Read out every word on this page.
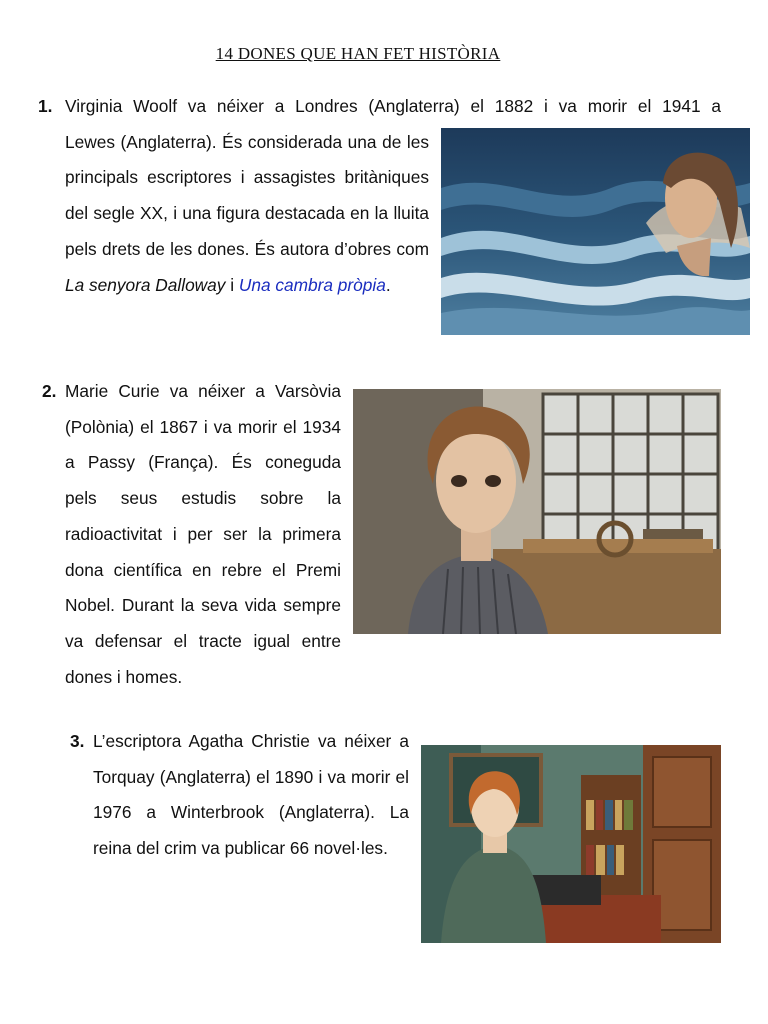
14 DONES QUE HAN FET HISTÒRIA
1. Virginia Woolf va néixer a Londres (Anglaterra) el 1882 i va morir el 1941 a
Lewes (Anglaterra). És considerada una de les principals escriptores i assagistes britàniques del segle XX, i una figura destacada en la lluita pels drets de les dones. És autora d’obres com La senyora Dalloway i Una cambra pròpia.
2. Marie Curie va néixer a Varsòvia (Polònia) el 1867 i va morir el 1934 a Passy (França). És coneguda pels seus estudis sobre la radioactivitat i per ser la primera dona científica en rebre el Premi Nobel. Durant la seva vida sempre va defensar el tracte igual entre dones i homes.
3. L’escriptora Agatha Christie va néixer a Torquay (Anglaterra) el 1890 i va morir el 1976 a Winterbrook (Anglaterra). La reina del crim va publicar 66 novel·les.
